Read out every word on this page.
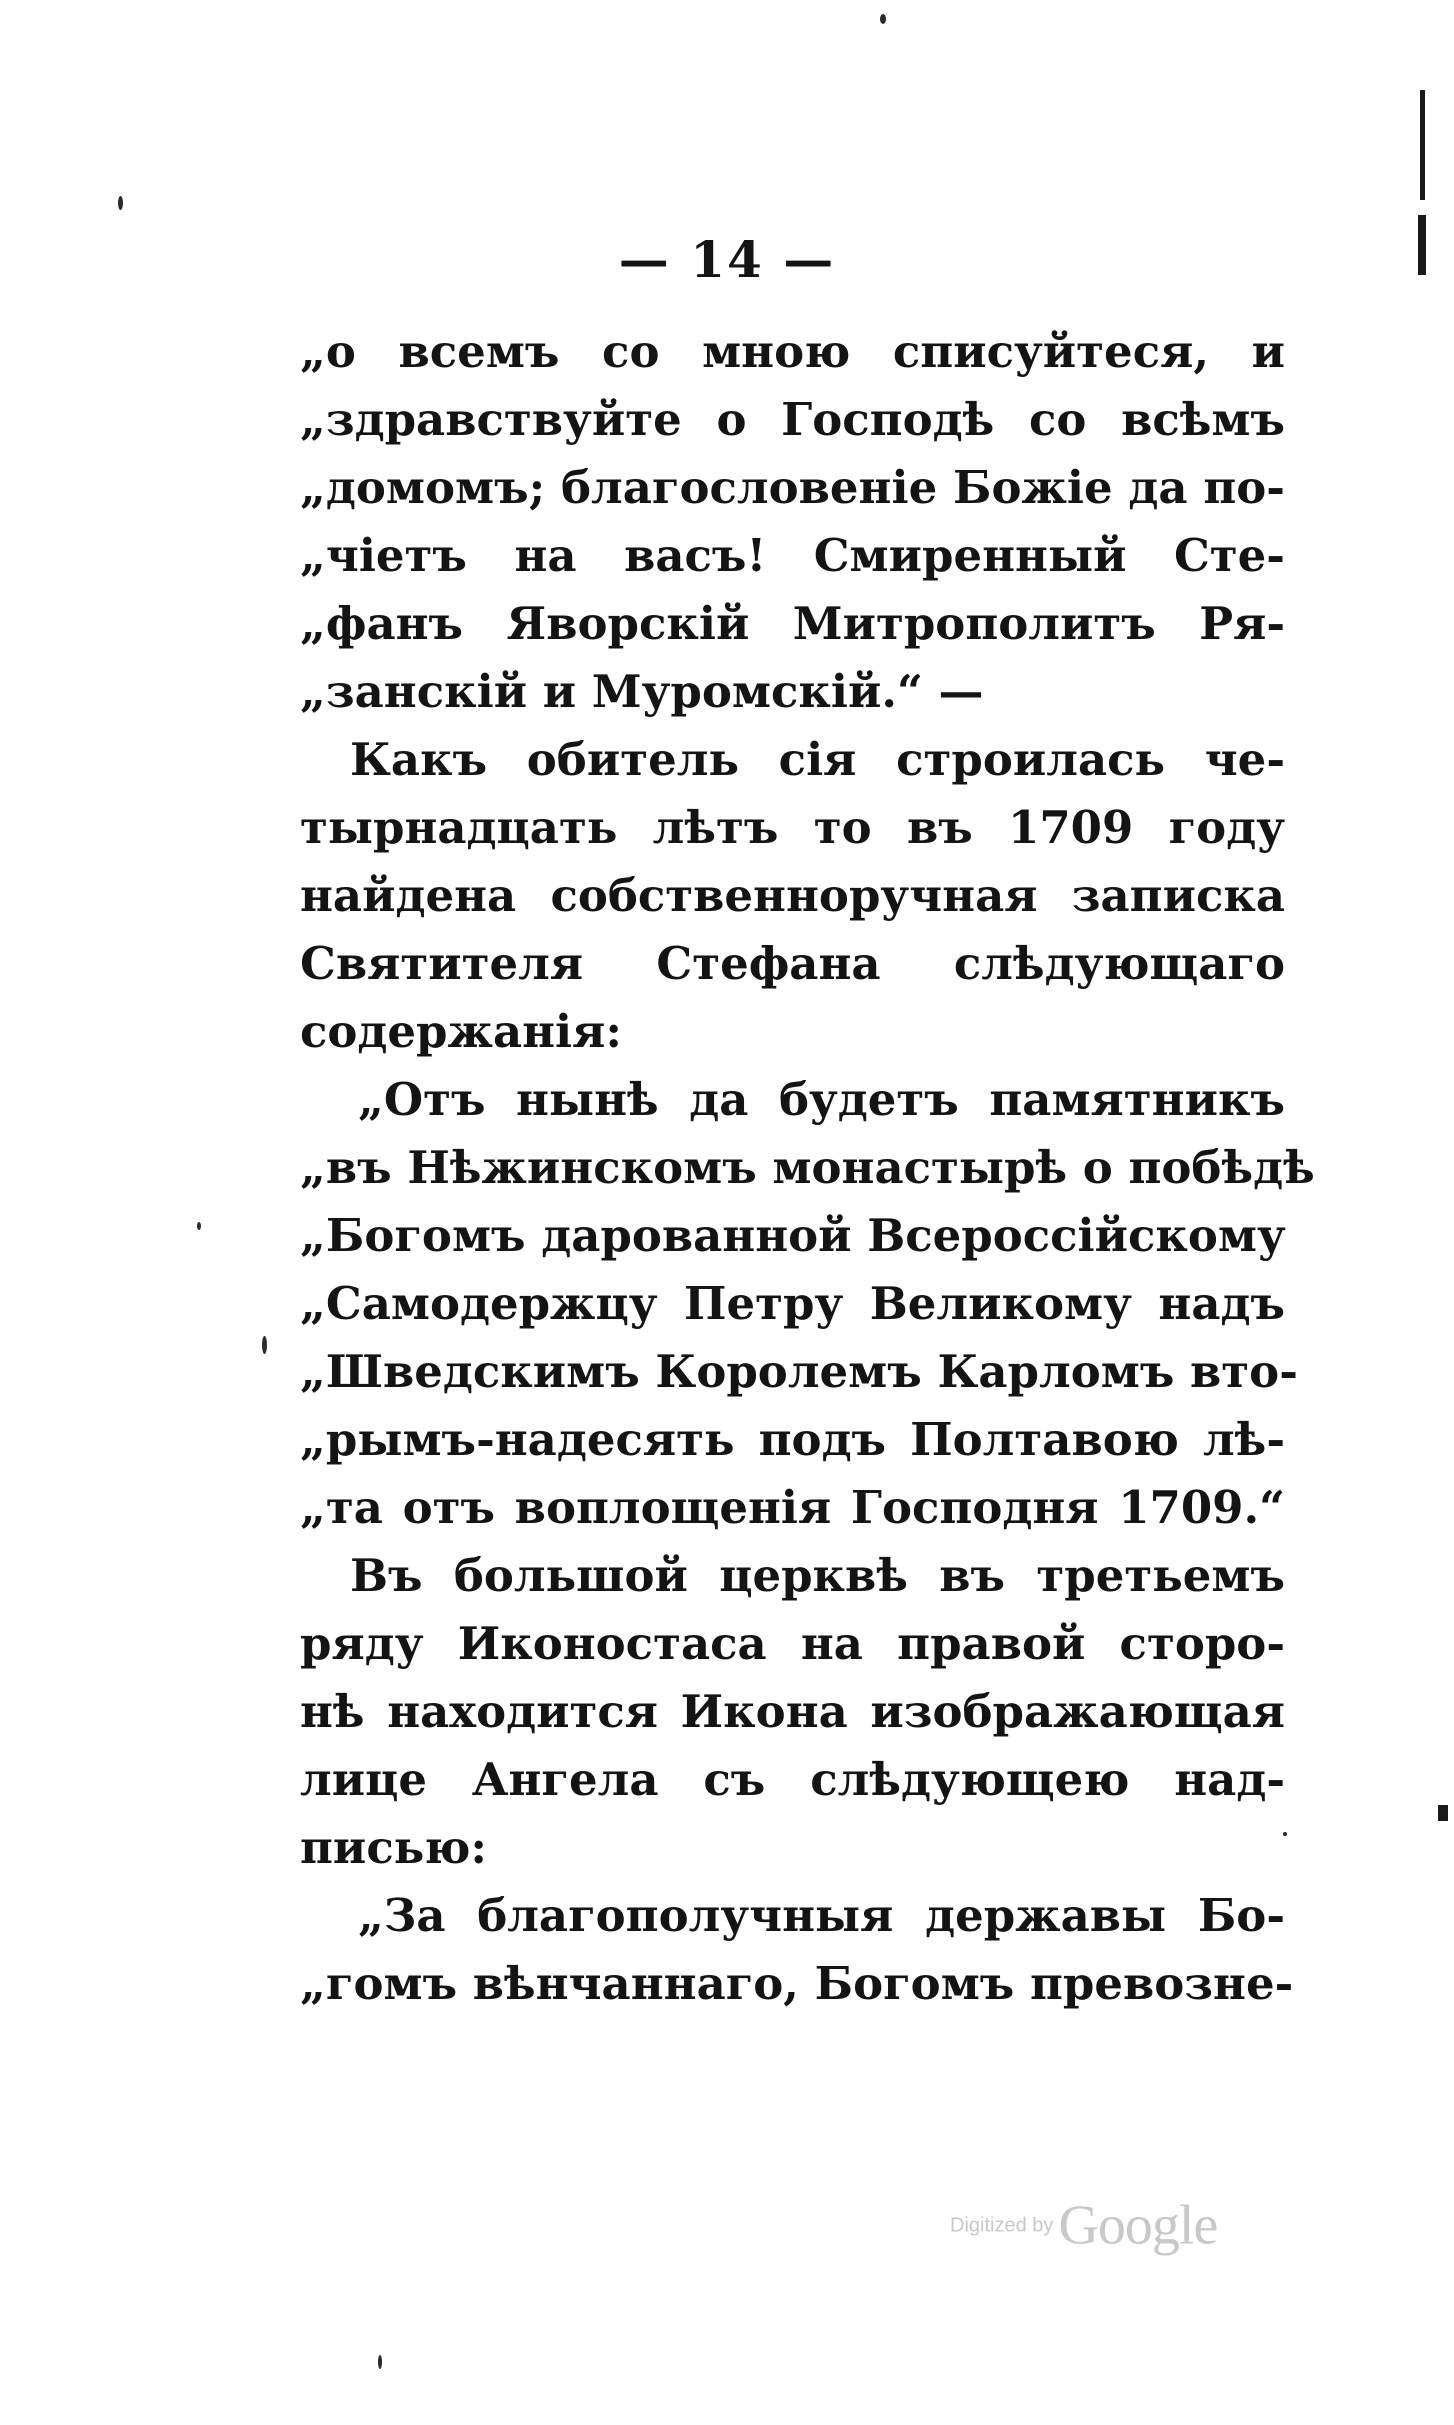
— 14 —
„о всемъ со мною списуйтеся, и
„здравствуйте о Господѣ со всѣмъ
„домомъ; благословеніе Божіе да по-
„чіетъ на васъ! Смиренный Сте-
„фанъ Яворскій Митрополитъ Ря-
„занскій и Муромскій.“ —
Какъ обитель сія строилась че-
тырнадцать лѣтъ то въ 1709 году
найдена собственноручная записка
Святителя Стефана слѣдующаго
содержанія:
„Отъ нынѣ да будетъ памятникъ
„въ Нѣжинскомъ монастырѣ о побѣдѣ
„Богомъ дарованной Всероссійскому
„Самодержцу Петру Великому надъ
„Шведскимъ Королемъ Карломъ вто-
„рымъ-надесять подъ Полтавою лѣ-
„та отъ воплощенія Господня 1709.“
Въ большой церквѣ въ третьемъ
ряду Иконостаса на правой сторо-
нѣ находится Икона изображающая
лице Ангела съ слѣдующею над-
писью:
„За благополучныя державы Бо-
„гомъ вѣнчаннаго, Богомъ превозне-
Digitized by Google
